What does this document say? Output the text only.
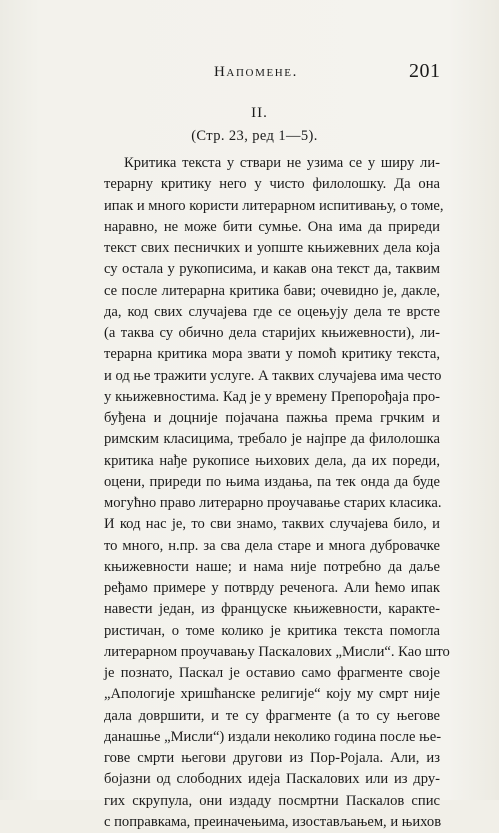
Напомене.	201
II.
(Стр. 23, ред 1—5).
Критика текста у ствари не узима се у ширу ли-
терарну критику него у чисто филолошку. Да она
ипак и много користи литерарном испитивању, о томе,
наравно, не може бити сумње. Она има да приреди
текст свих песничких и уопште књижевних дела која
су остала у рукописима, и какав она текст да, таквим
се после литерарна критика бави; очевидно је, дакле,
да, код свих случајева где се оцењују дела те врсте
(а таква су обично дела старијих књижевности), ли-
терарна критика мора звати у помоћ критику текста,
и од ње тражити услуге. А таквих случајева има често
у књижевностима. Кад је у времену Препорођаја про-
буђена и доцније појачана пажња према грчким и
римским класицима, требало је најпре да филолошка
критика нађе рукописе њихових дела, да их пореди,
оцени, приреди по њима издања, па тек онда да буде
могућно право литерарно проучавање старих класика.
И код нас је, то сви знамо, таквих случајева било, и
то много, н.пр. за сва дела старе и многа дубровачке
књижевности наше; и нама није потребно да даље
ређамо примере у потврду реченога. Али ћемо ипак
навести један, из француске књижевности, карактe-
ристичан, о томе колико је критика текста помогла
литерарном проучавању Паскалових „Мисли“. Као што
је познато, Паскал је оставио само фрагменте своје
„Апологије хришћанске религије“ коју му смрт није
дала довршити, и те су фрагменте (а то су његове
данашње „Мисли“) издали неколико година после ње-
гове смрти његови другови из Пор-Ројала. Али, из
бојазни од слободних идеја Паскалових или из дру-
гих скрупула, они издаду посмртни Паскалов спис
с поправкама, преиначењима, изостављањем, и њихов
